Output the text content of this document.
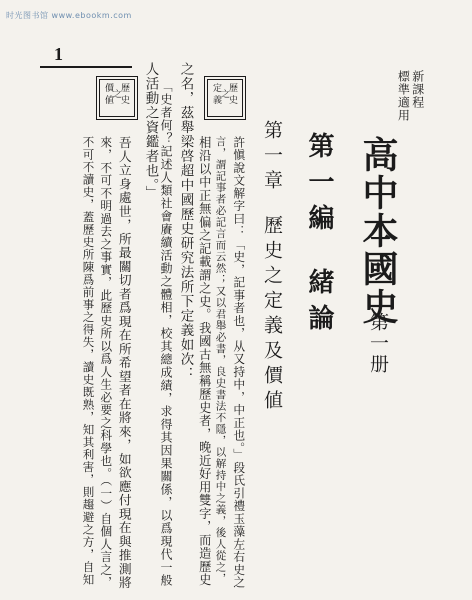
时光图书馆 www.ebookm.com
1
新課程
標準適用
高中本國史
第一册
第一編緒論
第一章歷史之定義及價値
歷
史
之
定
義
歷
史
之
價
値
許愼說文解字曰：「史，記事者也，从又持中，中正也。」段氏引禮玉藻左右史之
言，謂記事者必記言而云然；又以君舉必書，良史書法不隱，以解持中之義，後人從之，
相沿以中正無偏之記載謂之史。我國古無稱歷史者，晚近好用雙字，而造歷史
之名，茲舉梁啓超中國歷史研究法所下定義如次：
「史者何？記述人類社會賡續活動之體相，校其總成績，求得其因果關係，以爲現代一般
人活動之資鑑者也。」
吾人立身處世，所最關切者爲現在所希望者在將來，如欲應付現在與推測將
來，不可不明過去之事實，此歷史所以爲人生必要之科學也。（一）自個人言之，
不可不讀史，蓋歷史所陳爲前事之得失，讀史既熟，知其利害，則趨避之方，自知
